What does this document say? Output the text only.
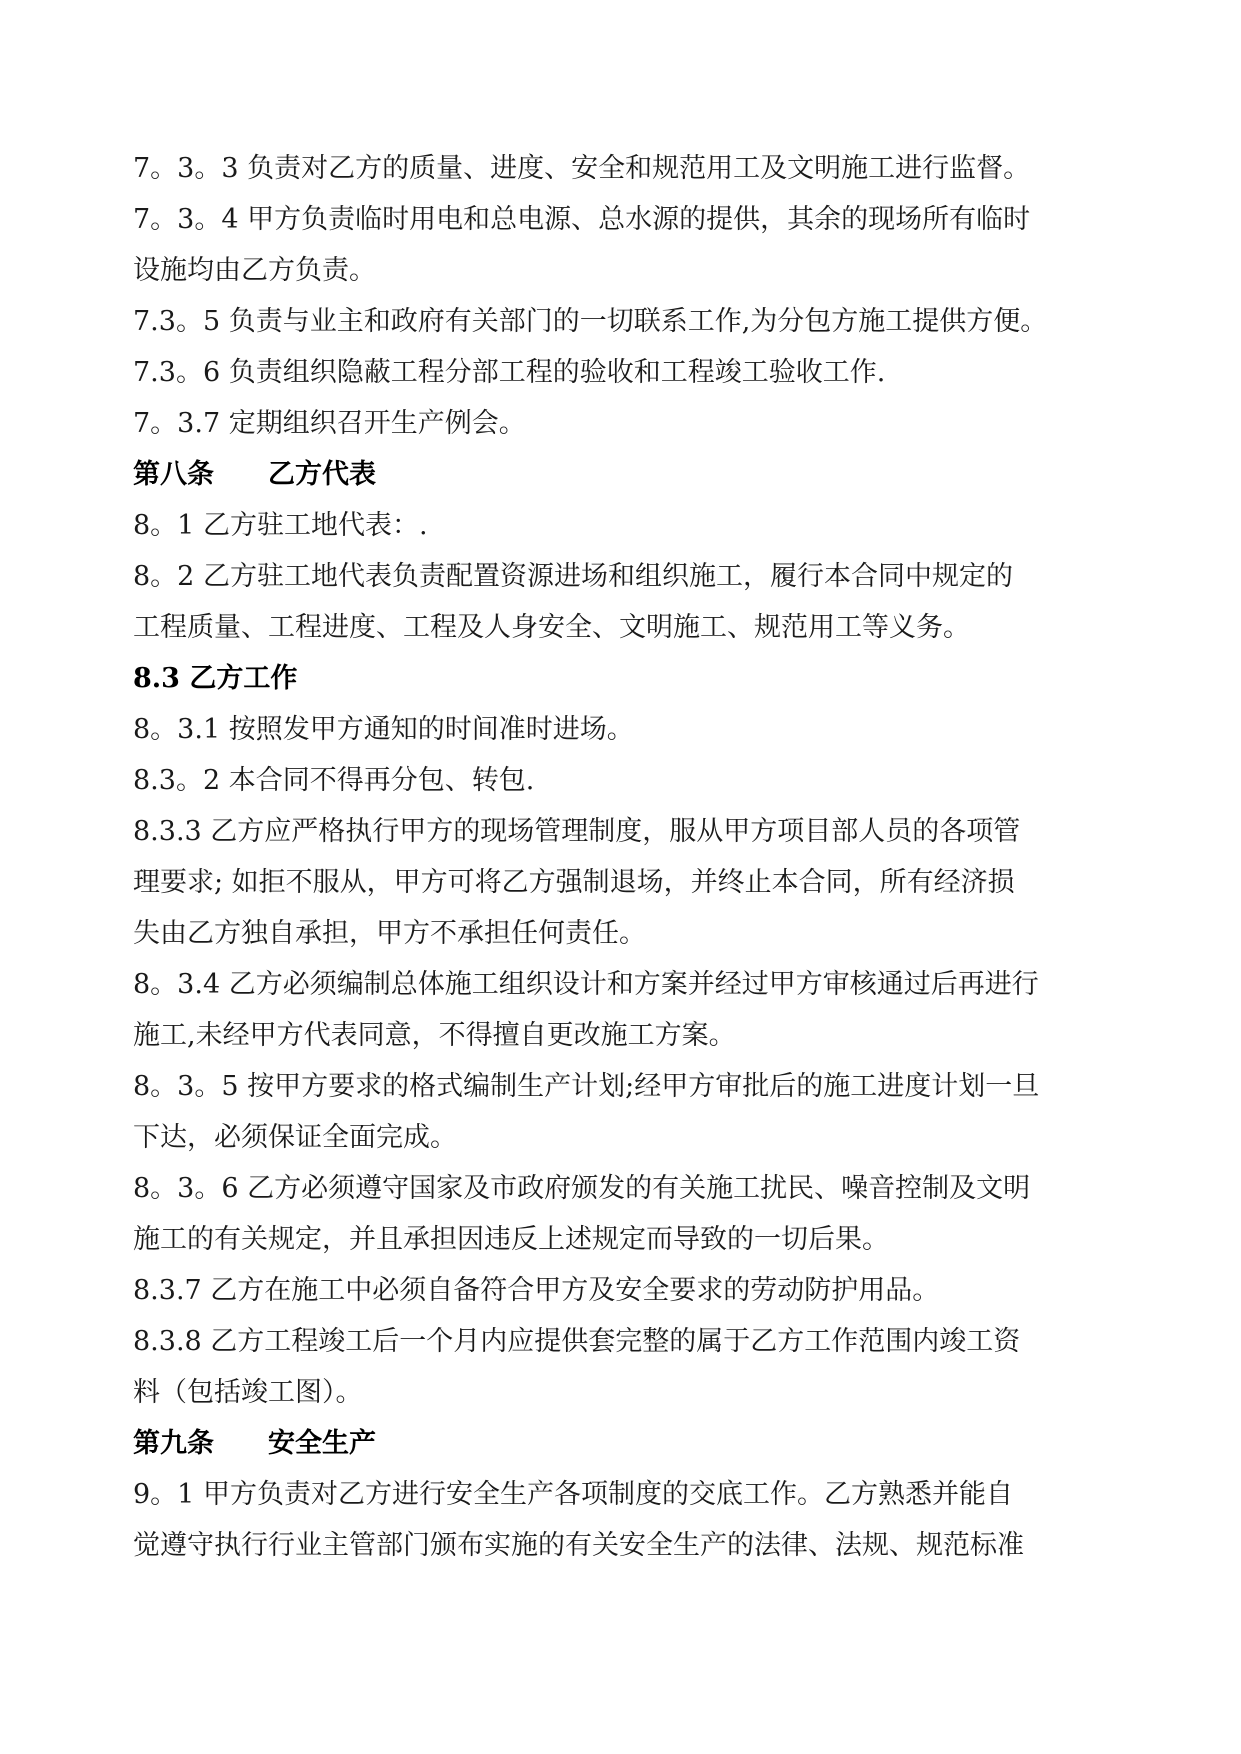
7。3。3 负责对乙方的质量、进度、安全和规范用工及文明施工进行监督。
7。3。4 甲方负责临时用电和总电源、总水源的提供，其余的现场所有临时
设施均由乙方负责。
7.3。5 负责与业主和政府有关部门的一切联系工作,为分包方施工提供方便。
7.3。6 负责组织隐蔽工程分部工程的验收和工程竣工验收工作.
7。3.7 定期组织召开生产例会。
第八条 乙方代表
8。1 乙方驻工地代表：.
8。2 乙方驻工地代表负责配置资源进场和组织施工，履行本合同中规定的
工程质量、工程进度、工程及人身安全、文明施工、规范用工等义务。
8.3 乙方工作
8。3.1 按照发甲方通知的时间准时进场。
8.3。2 本合同不得再分包、转包.
8.3.3 乙方应严格执行甲方的现场管理制度，服从甲方项目部人员的各项管
理要求; 如拒不服从，甲方可将乙方强制退场，并终止本合同，所有经济损
失由乙方独自承担，甲方不承担任何责任。
8。3.4 乙方必须编制总体施工组织设计和方案并经过甲方审核通过后再进行
施工,未经甲方代表同意，不得擅自更改施工方案。
8。3。5 按甲方要求的格式编制生产计划;经甲方审批后的施工进度计划一旦
下达，必须保证全面完成。
8。3。6 乙方必须遵守国家及市政府颁发的有关施工扰民、噪音控制及文明
施工的有关规定，并且承担因违反上述规定而导致的一切后果。
8.3.7 乙方在施工中必须自备符合甲方及安全要求的劳动防护用品。
8.3.8 乙方工程竣工后一个月内应提供套完整的属于乙方工作范围内竣工资
料（包括竣工图）。
第九条 安全生产
9。1 甲方负责对乙方进行安全生产各项制度的交底工作。乙方熟悉并能自
觉遵守执行行业主管部门颁布实施的有关安全生产的法律、法规、规范标准
